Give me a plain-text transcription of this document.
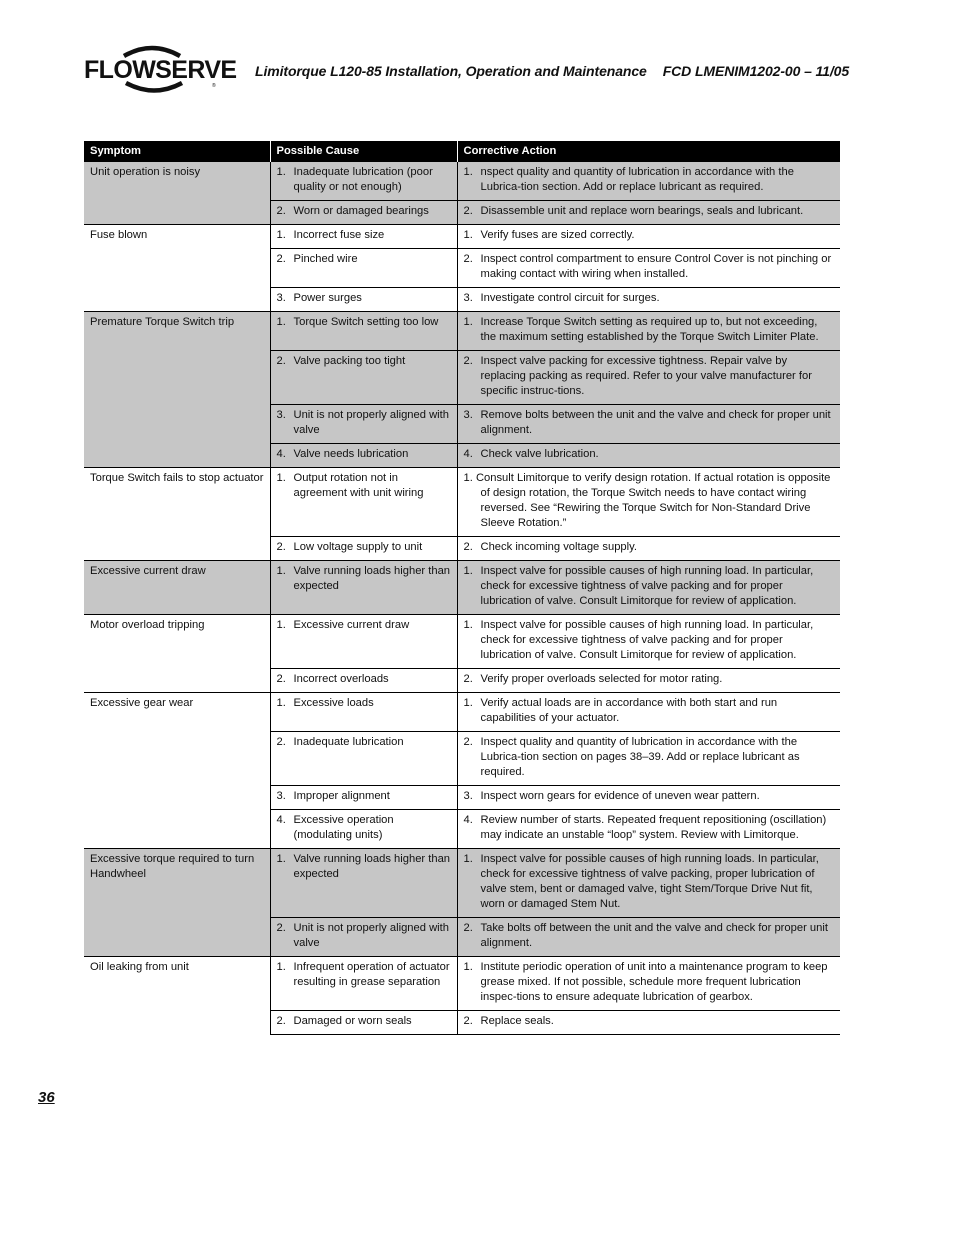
FLOWSERVE
®
Limitorque L120-85 Installation, Operation and Maintenance FCD LMENIM1202-00 – 11/05
Symptom	Possible Cause	Corrective Action
Unit operation is noisy	1. Inadequate lubrication (poor quality or not enough)	1. nspect quality and quantity of lubrication in accordance with the Lubrica-tion section. Add or replace lubricant as required.

	2. Worn or damaged bearings	2. Disassemble unit and replace worn bearings, seals and lubricant.

Fuse blown	1. Incorrect fuse size	1. Verify fuses are sized correctly.

	2. Pinched wire	2. Inspect control compartment to ensure Control Cover is not pinching or making contact with wiring when installed.

	3. Power surges	3. Investigate control circuit for surges.

Premature Torque Switch trip	1. Torque Switch setting too low	1. Increase Torque Switch setting as required up to, but not exceeding, the maximum setting established by the Torque Switch Limiter Plate.

	2. Valve packing too tight	2. Inspect valve packing for excessive tightness. Repair valve by replacing packing as required. Refer to your valve manufacturer for specific instruc-tions.

	3. Unit is not properly aligned with valve	3. Remove bolts between the unit and the valve and check for proper unit alignment.

	4. Valve needs lubrication	4. Check valve lubrication.

Torque Switch fails to stop actuator	1. Output rotation not in agreement with unit wiring	1. Consult Limitorque to verify design rotation. If actual rotation is opposite of design rotation, the Torque Switch needs to have contact wiring reversed. See “Rewiring the Torque Switch for Non-Standard Drive Sleeve Rotation.”

	2. Low voltage supply to unit	2. Check incoming voltage supply.

Excessive current draw	1. Valve running loads higher than expected	1. Inspect valve for possible causes of high running load. In particular, check for excessive tightness of valve packing and for proper lubrication of valve. Consult Limitorque for review of application.

Motor overload tripping	1. Excessive current draw	1. Inspect valve for possible causes of high running load. In particular, check for excessive tightness of valve packing and for proper lubrication of valve. Consult Limitorque for review of application.

	2. Incorrect overloads	2. Verify proper overloads selected for motor rating.

Excessive gear wear	1. Excessive loads	1. Verify actual loads are in accordance with both start and run capabilities of your actuator.

	2. Inadequate lubrication	2. Inspect quality and quantity of lubrication in accordance with the Lubrica-tion section on pages 38–39. Add or replace lubricant as required.

	3. Improper alignment	3. Inspect worn gears for evidence of uneven wear pattern.

	4. Excessive operation (modulating units)	4. Review number of starts. Repeated frequent repositioning (oscillation) may indicate an unstable “loop” system. Review with Limitorque.

Excessive torque required to turn Handwheel	1. Valve running loads higher than expected	1. Inspect valve for possible causes of high running loads. In particular, check for excessive tightness of valve packing, proper lubrication of valve stem, bent or damaged valve, tight Stem/Torque Drive Nut fit, worn or damaged Stem Nut.

	2. Unit is not properly aligned with valve	2. Take bolts off between the unit and the valve and check for proper unit alignment.

Oil leaking from unit	1. Infrequent operation of actuator resulting in grease separation	1. Institute periodic operation of unit into a maintenance program to keep grease mixed. If not possible, schedule more frequent lubrication inspec-tions to ensure adequate lubrication of gearbox.

	2. Damaged or worn seals	2. Replace seals.
36
